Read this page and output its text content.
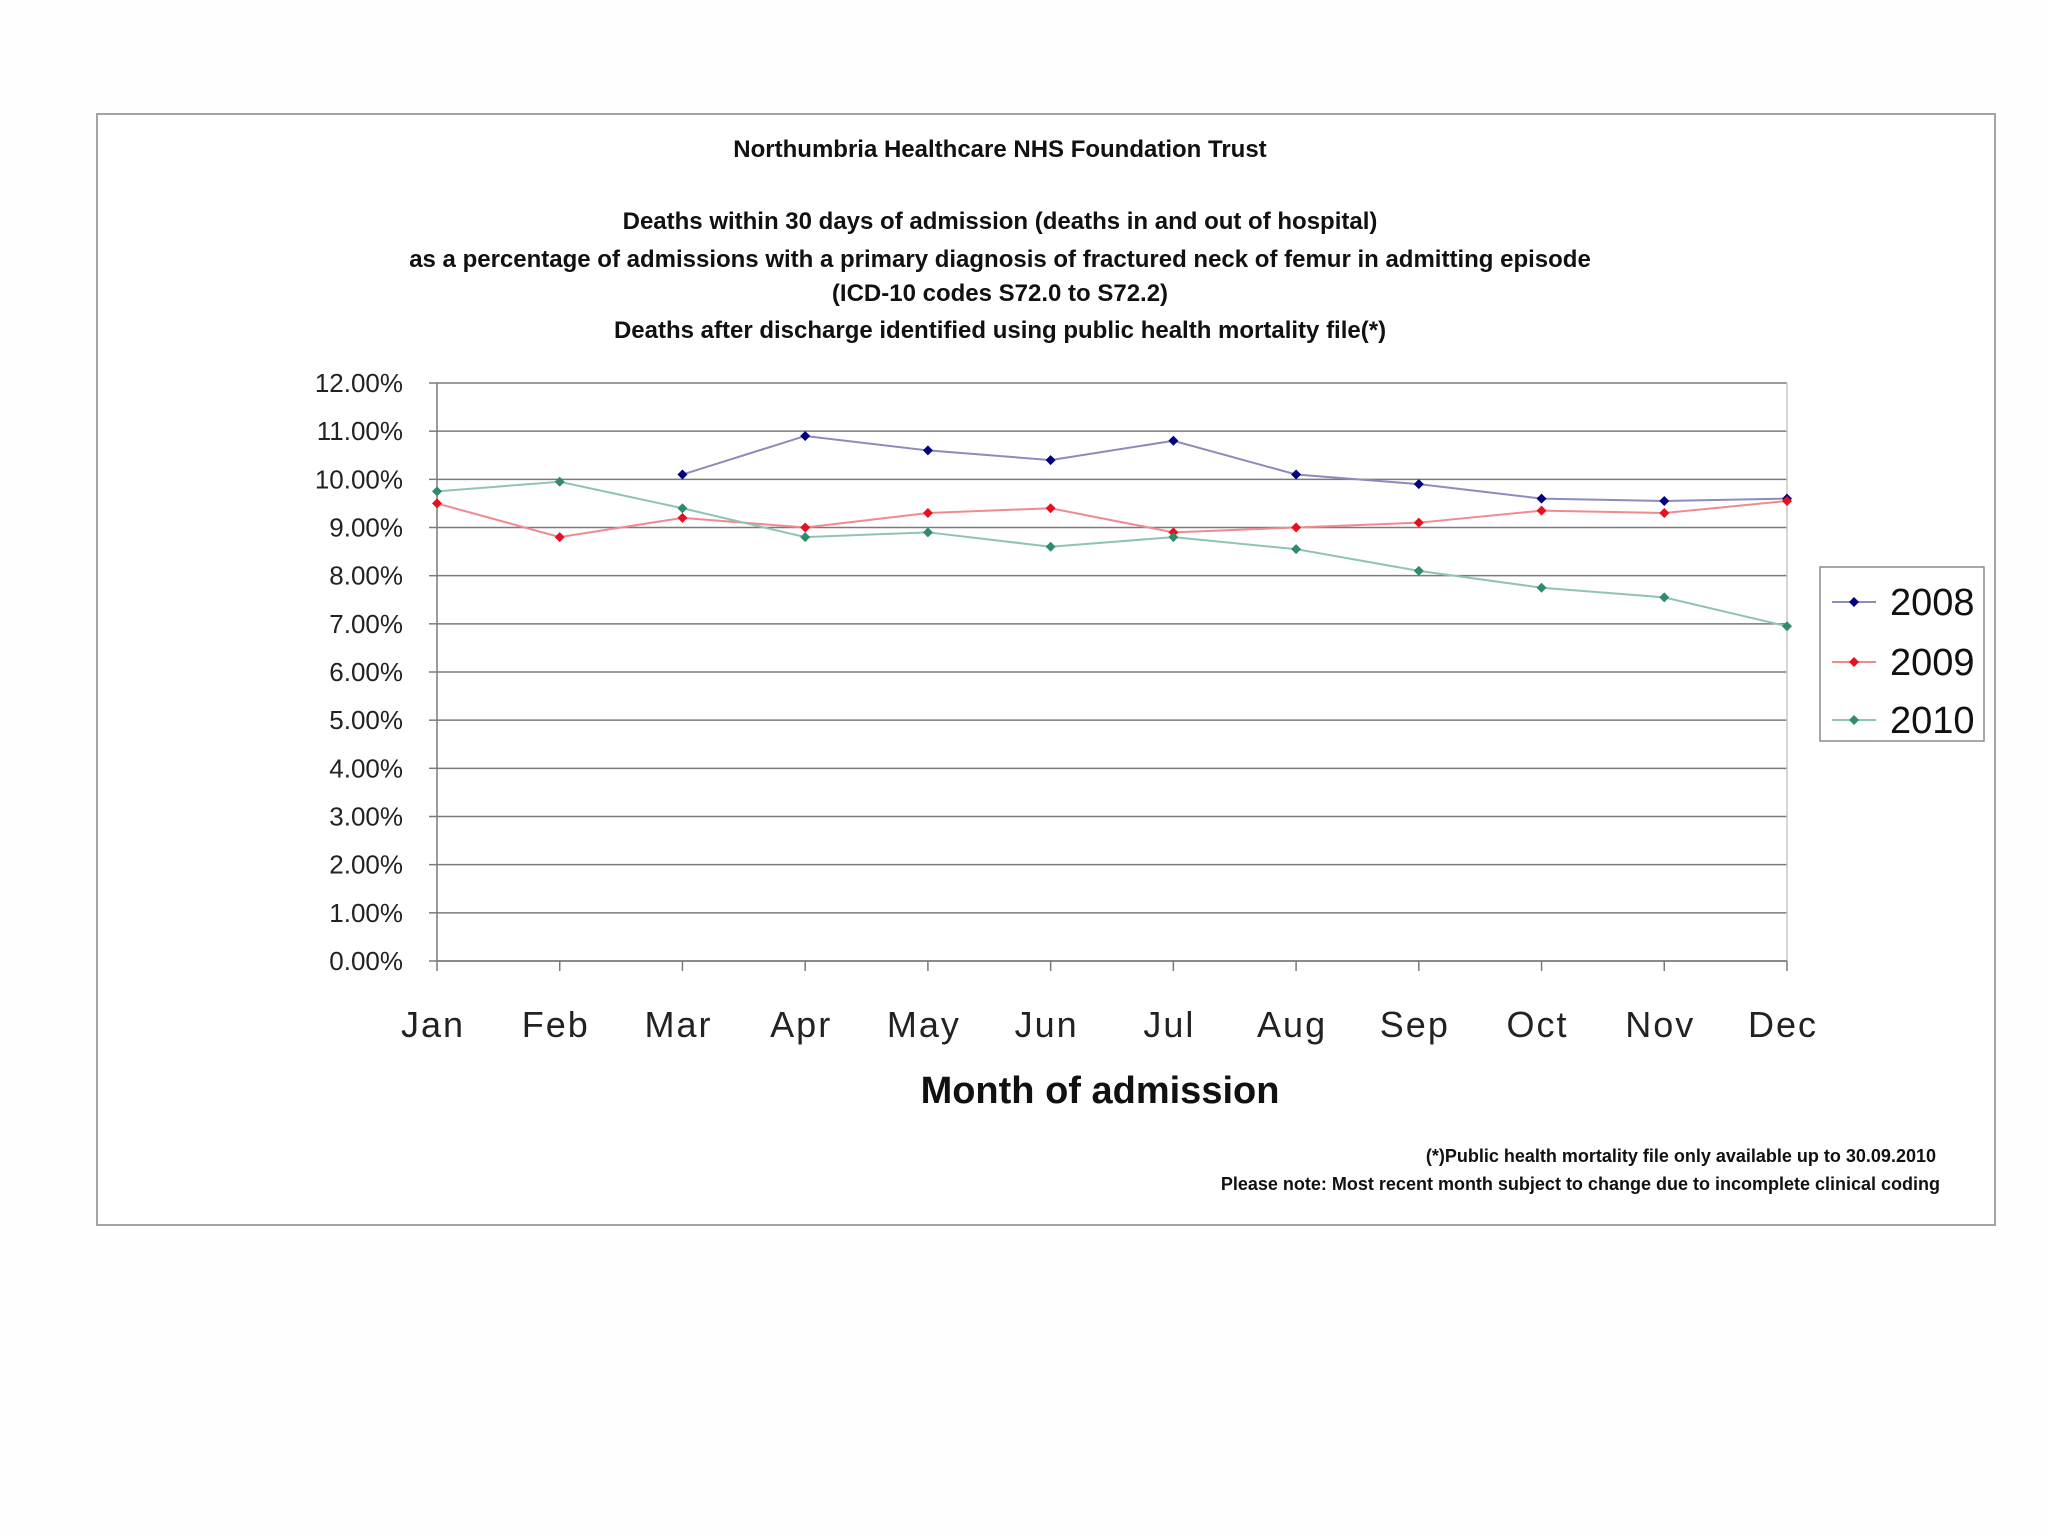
Northumbria Healthcare NHS Foundation Trust
Deaths within 30 days of admission (deaths in and out of hospital)
as a percentage of admissions with a primary diagnosis of fractured neck of femur in admitting episode
(ICD-10 codes S72.0 to S72.2)
Deaths after discharge identified using public health mortality file(*)
0.00%
1.00%
2.00%
3.00%
4.00%
5.00%
6.00%
7.00%
8.00%
9.00%
10.00%
11.00%
12.00%
Jan Feb Mar Apr May Jun Jul Aug Sep Oct Nov Dec
Month of admission
2008
2009
2010
(*)Public health mortality file only available up to 30.09.2010
Please note: Most recent month subject to change due to incomplete clinical coding
